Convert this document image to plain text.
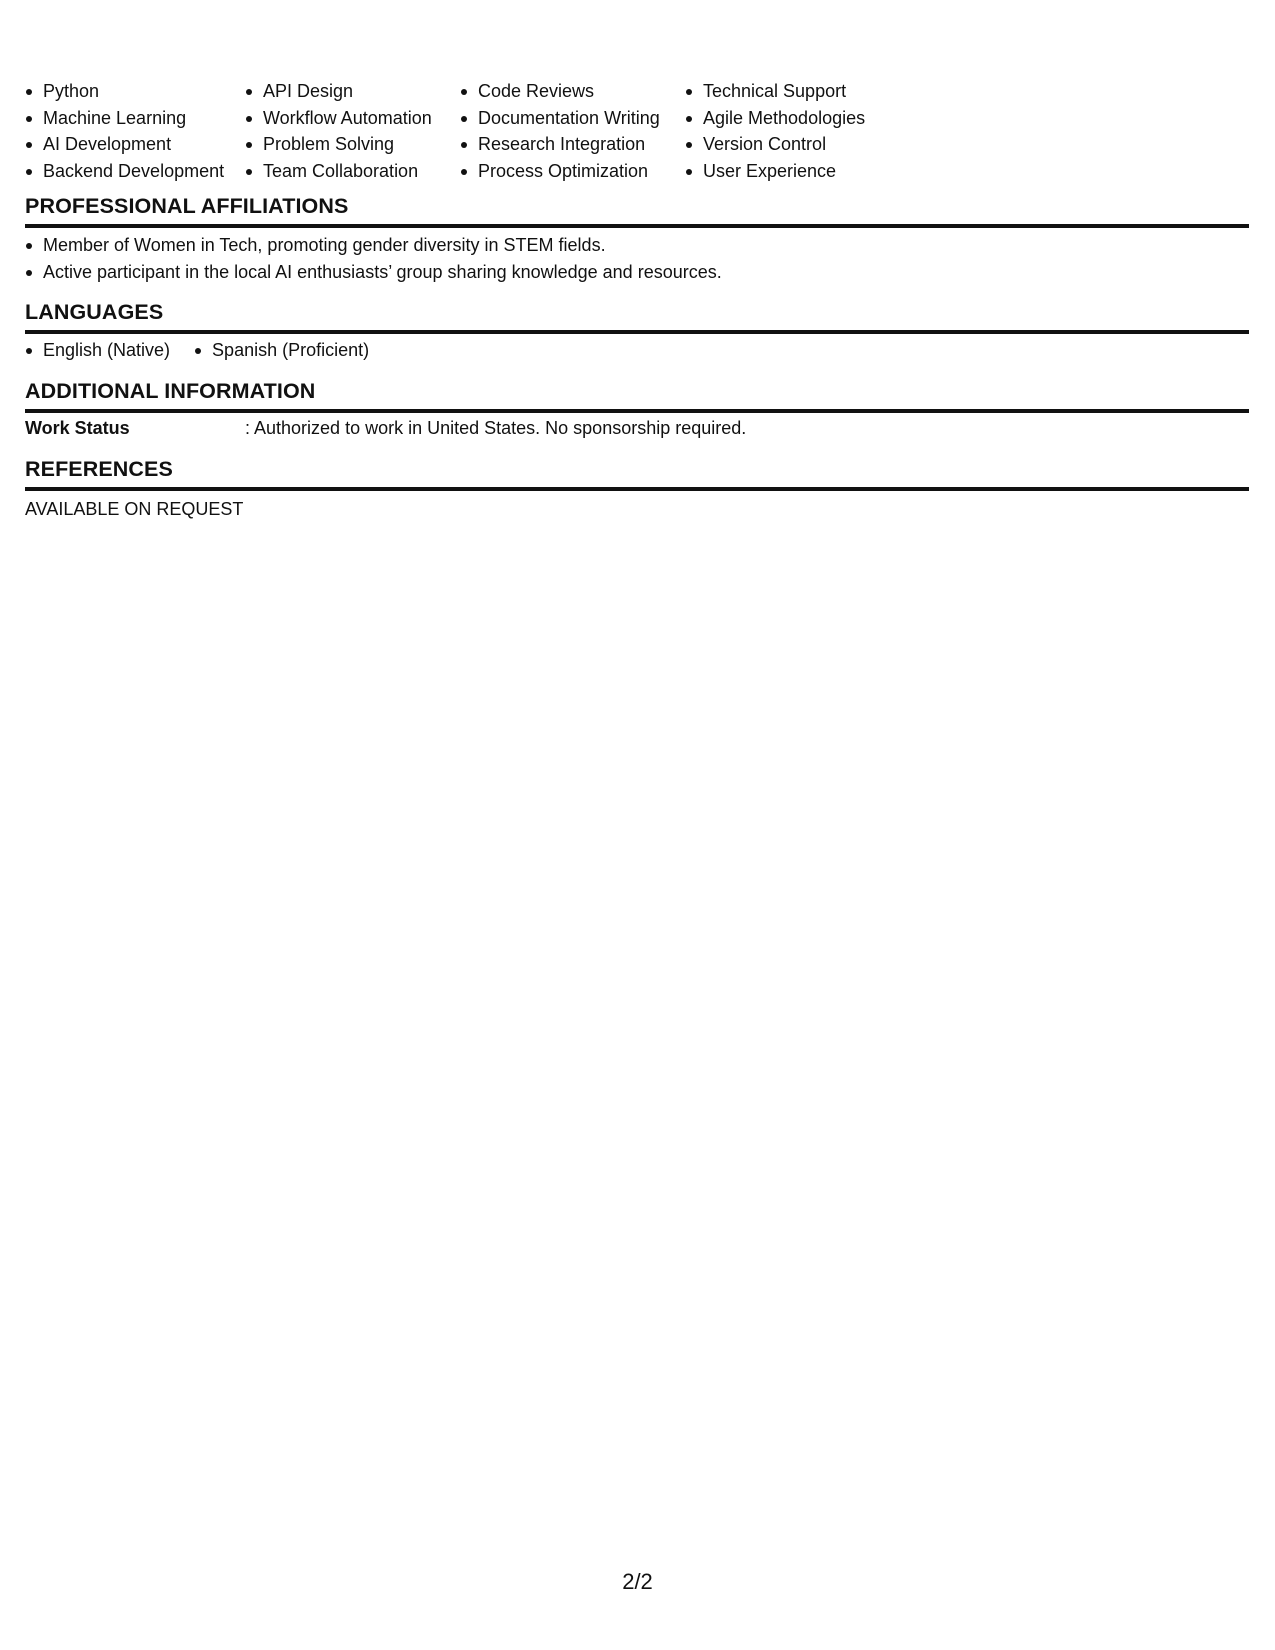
Python
Machine Learning
AI Development
Backend Development
API Design
Workflow Automation
Problem Solving
Team Collaboration
Code Reviews
Documentation Writing
Research Integration
Process Optimization
Technical Support
Agile Methodologies
Version Control
User Experience
PROFESSIONAL AFFILIATIONS
Member of Women in Tech, promoting gender diversity in STEM fields.
Active participant in the local AI enthusiasts’ group sharing knowledge and resources.
LANGUAGES
English (Native)	Spanish (Proficient)
ADDITIONAL INFORMATION
Work Status	: Authorized to work in United States. No sponsorship required.
REFERENCES
AVAILABLE ON REQUEST
2/2
